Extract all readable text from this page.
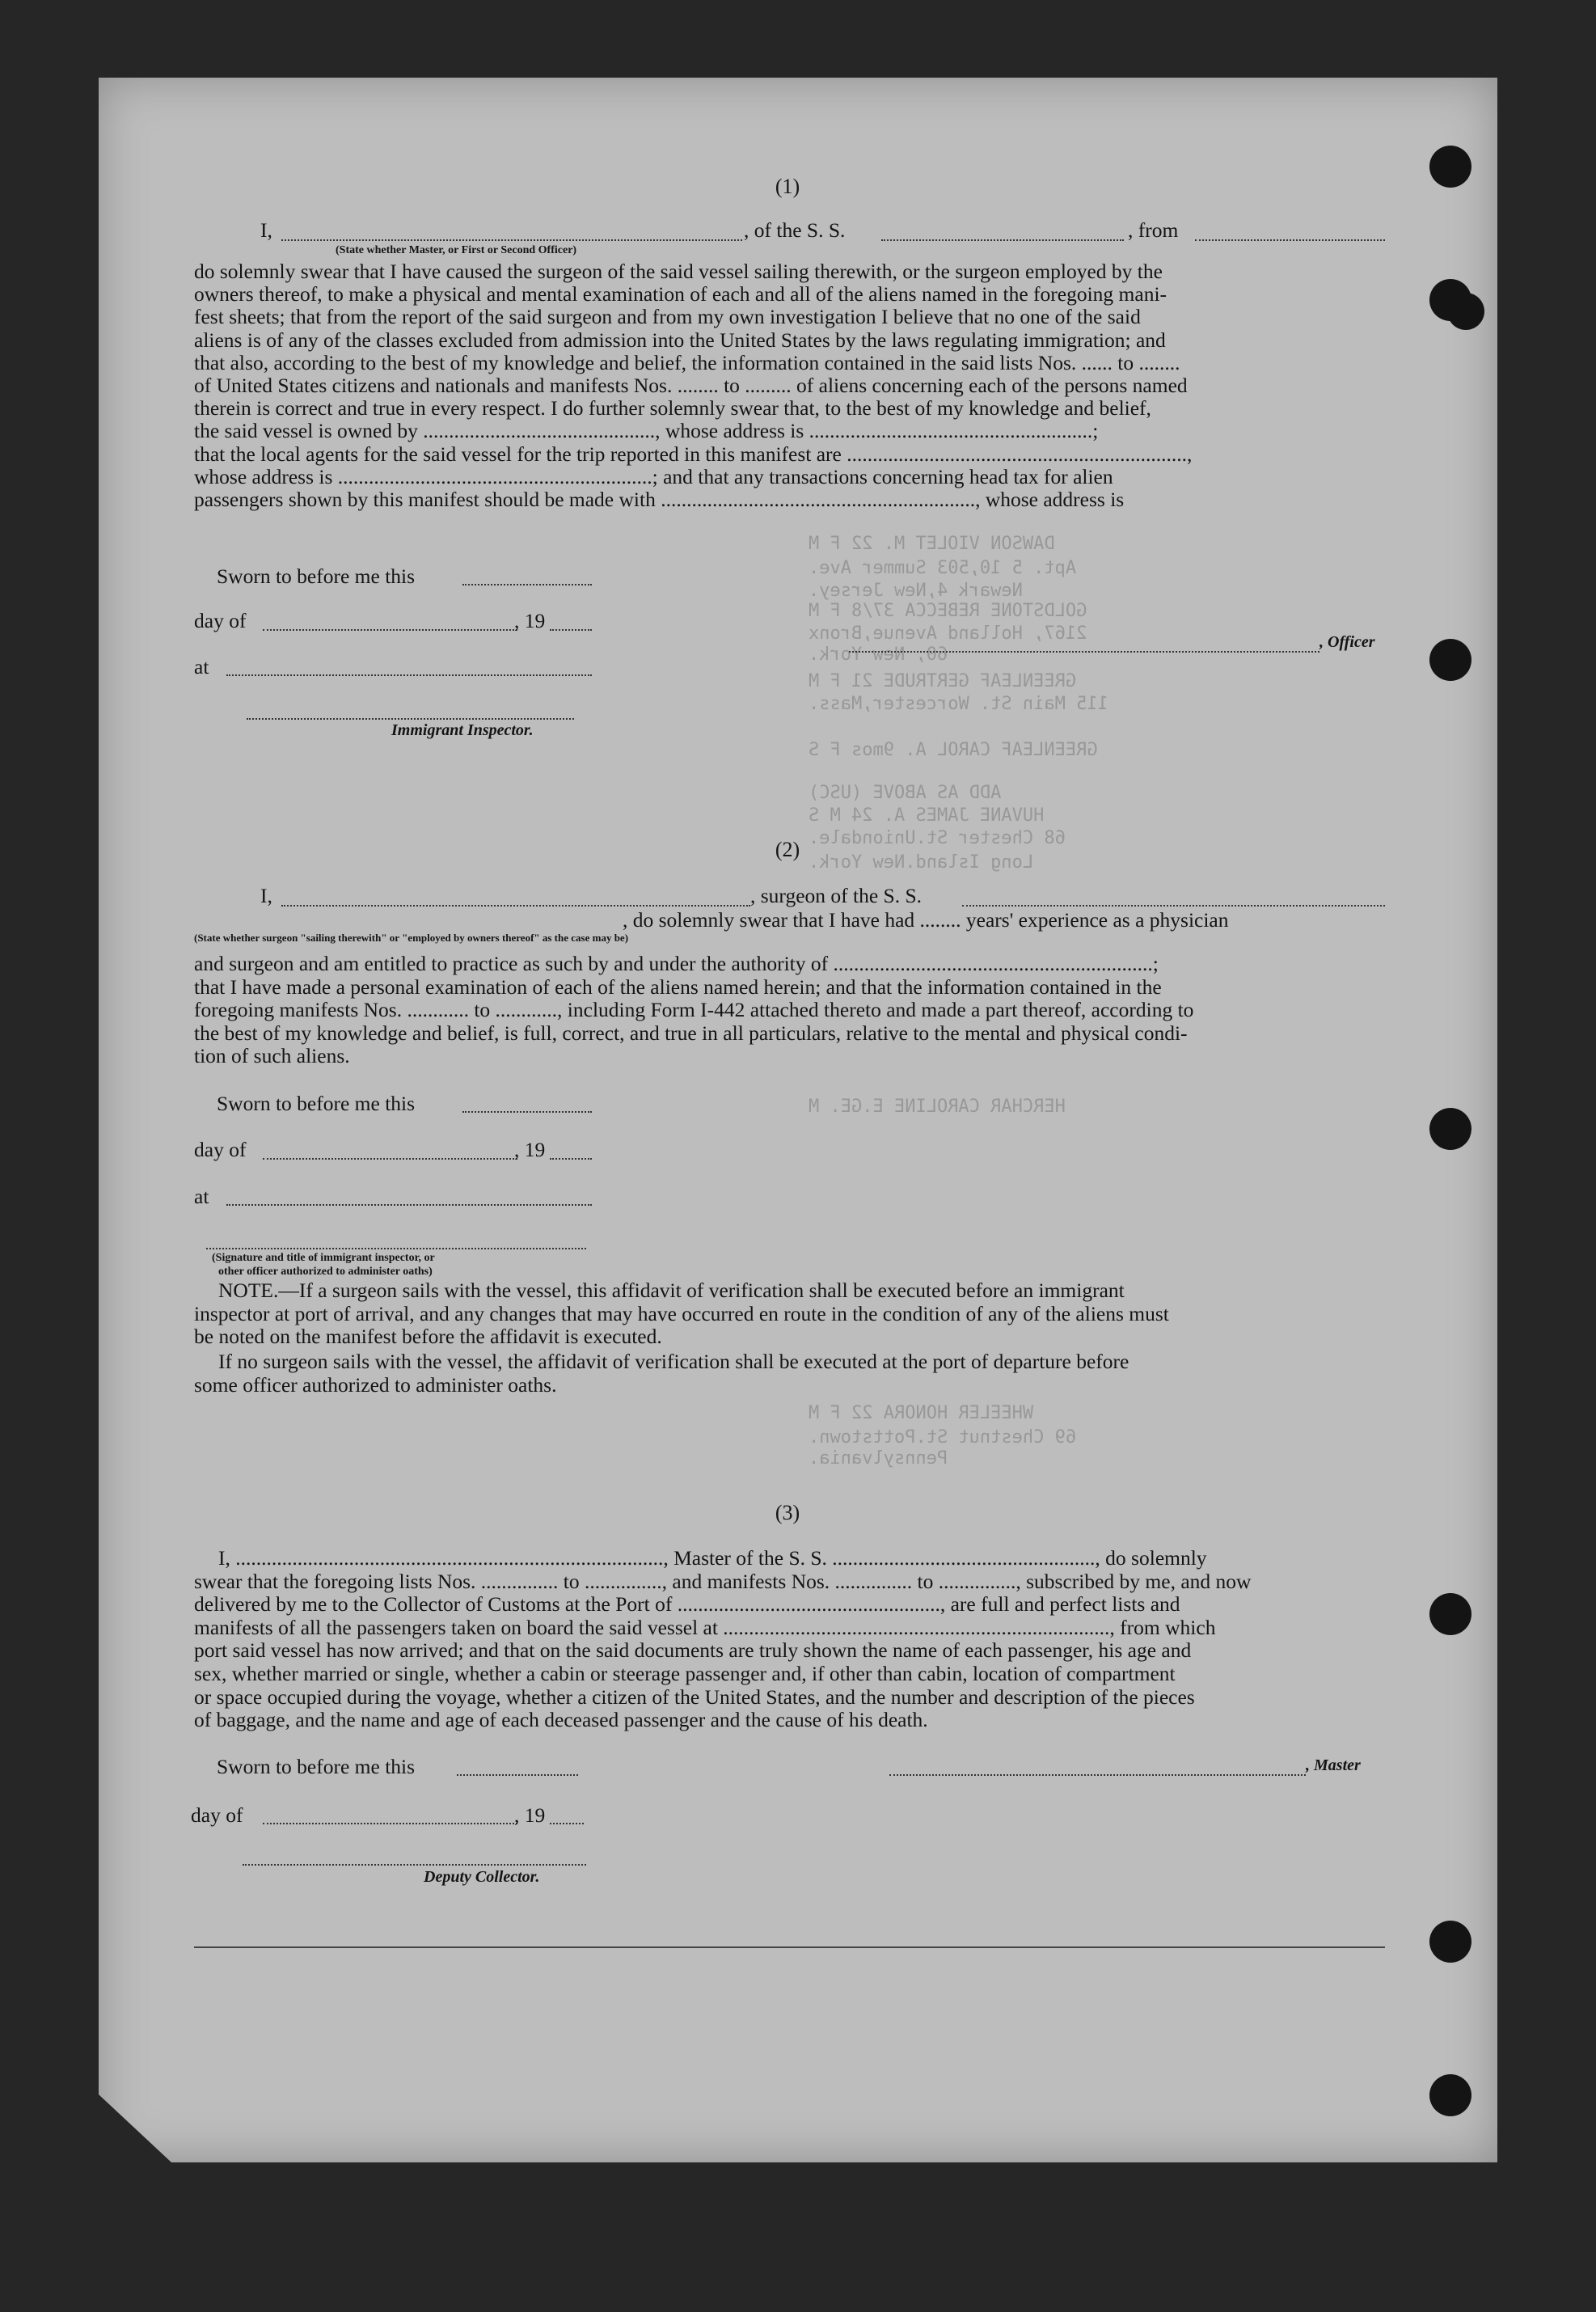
DAWSON VIOLET M. 22 F M
Apt. 5 10,503 Summer Ave.
Newark 4,New Jersey.
GOLDSTONE REBECCA 37/8 F M
2167, Holland Avenue,Bronx
60, New York.
GREENLEAF GERTRUDE 21 F M
115 Main St. Worcester,Mass.
GREENLEAF CAROL A. 9mos F S
ADD AS ABOVE (USC)
HUVANE JAMES A. 24 M S
68 Chester St.Uniondale.
Long Island.New York.
HERCHAR CAROLINE E.GE. M
WHEELER HONORA 22 F M
69 Chestnut St.Pottstown.
Pennsylvania.
(1)
I,	, of the S. S.	, from
(State whether Master, or First or Second Officer)
do solemnly swear that I have caused the surgeon of the said vessel sailing therewith, or the surgeon employed by the
owners thereof, to make a physical and mental examination of each and all of the aliens named in the foregoing mani-
fest sheets; that from the report of the said surgeon and from my own investigation I believe that no one of the said
aliens is of any of the classes excluded from admission into the United States by the laws regulating immigration; and
that also, according to the best of my knowledge and belief, the information contained in the said lists Nos. ...... to ........
of United States citizens and nationals and manifests Nos. ........ to ......... of aliens concerning each of the persons named
therein is correct and true in every respect. I do further solemnly swear that, to the best of my knowledge and belief,
the said vessel is owned by ............................................., whose address is .......................................................;
that the local agents for the said vessel for the trip reported in this manifest are ..................................................................,
whose address is .............................................................; and that any transactions concerning head tax for alien
passengers shown by this manifest should be made with ............................................................., whose address is
Sworn to before me this
day of	, 19
at
, Officer
Immigrant Inspector.
(2)
I,	, surgeon of the S. S.
, do solemnly swear that I have had ........ years' experience as a physician
(State whether surgeon "sailing therewith" or "employed by owners thereof" as the case may be)
and surgeon and am entitled to practice as such by and under the authority of ..............................................................;
that I have made a personal examination of each of the aliens named herein; and that the information contained in the
foregoing manifests Nos. ............ to ............, including Form I-442 attached thereto and made a part thereof, according to
the best of my knowledge and belief, is full, correct, and true in all particulars, relative to the mental and physical condi-
tion of such aliens.
Sworn to before me this
day of	, 19
at
(Signature and title of immigrant inspector, or
other officer authorized to administer oaths)
NOTE.—If a surgeon sails with the vessel, this affidavit of verification shall be executed before an immigrant
inspector at port of arrival, and any changes that may have occurred en route in the condition of any of the aliens must
be noted on the manifest before the affidavit is executed.
If no surgeon sails with the vessel, the affidavit of verification shall be executed at the port of departure before
some officer authorized to administer oaths.
(3)
I, ..................................................................................., Master of the S. S. ..................................................., do solemnly
swear that the foregoing lists Nos. ............... to ..............., and manifests Nos. ............... to ..............., subscribed by me, and now
delivered by me to the Collector of Customs at the Port of ..................................................., are full and perfect lists and
manifests of all the passengers taken on board the said vessel at ..........................................................................., from which
port said vessel has now arrived; and that on the said documents are truly shown the name of each passenger, his age and
sex, whether married or single, whether a cabin or steerage passenger and, if other than cabin, location of compartment
or space occupied during the voyage, whether a citizen of the United States, and the number and description of the pieces
of baggage, and the name and age of each deceased passenger and the cause of his death.
Sworn to before me this	, Master
day of	, 19
Deputy Collector.
